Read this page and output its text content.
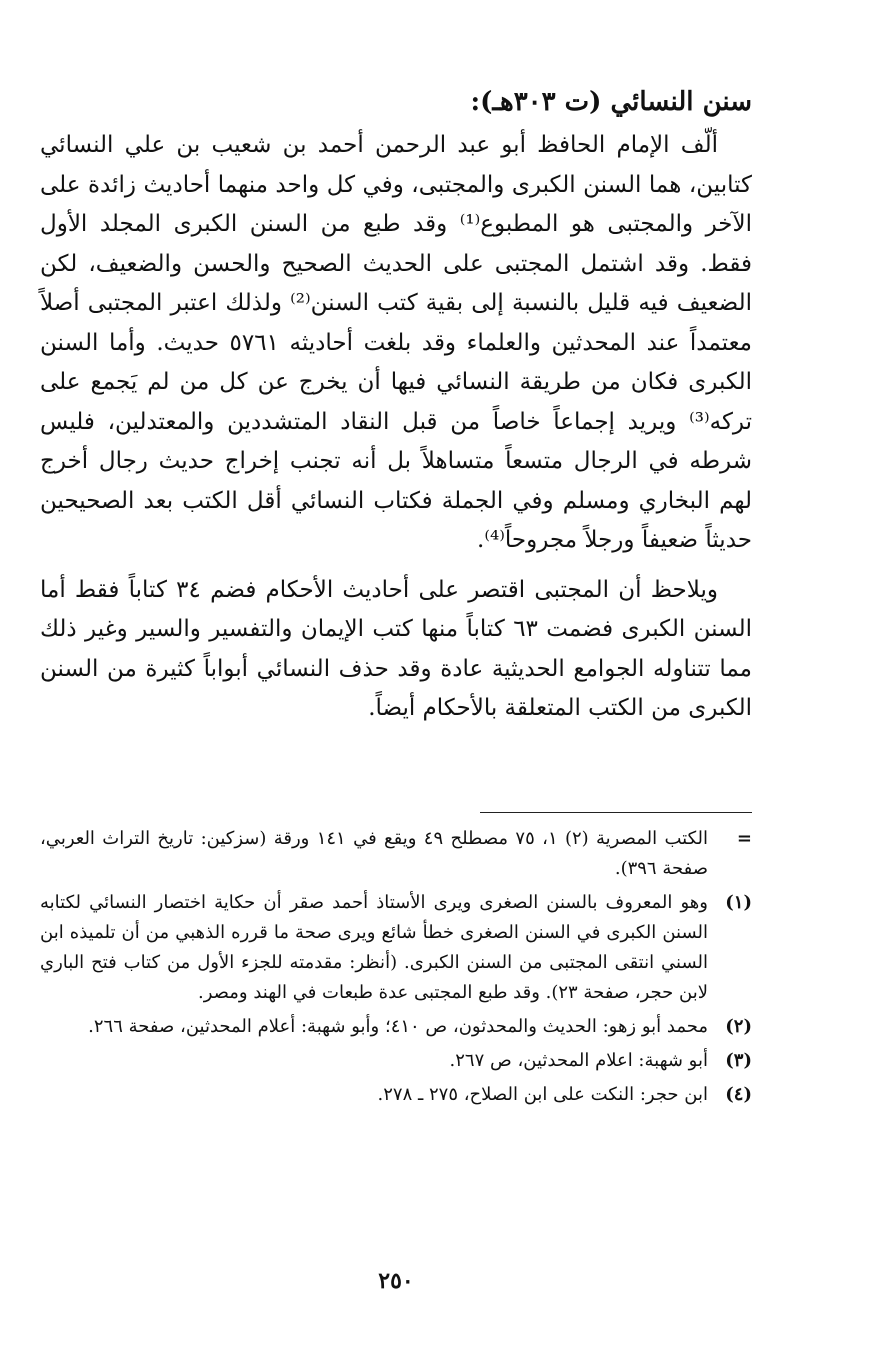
سنن النسائي (ت ٣٠٣هـ):

ألّف الإمام الحافظ أبو عبد الرحمن أحمد بن شعيب بن علي النسائي كتابين، هما السنن الكبرى والمجتبى، وفي كل واحد منهما أحاديث زائدة على الآخر والمجتبى هو المطبوع⁽¹⁾ وقد طبع من السنن الكبرى المجلد الأول فقط. وقد اشتمل المجتبى على الحديث الصحيح والحسن والضعيف، لكن الضعيف فيه قليل بالنسبة إلى بقية كتب السنن⁽²⁾ ولذلك اعتبر المجتبى أصلاً معتمداً عند المحدثين والعلماء وقد بلغت أحاديثه ٥٧٦١ حديث. وأما السنن الكبرى فكان من طريقة النسائي فيها أن يخرج عن كل من لم يَجمع على تركه⁽³⁾ ويريد إجماعاً خاصاً من قبل النقاد المتشددين والمعتدلين، فليس شرطه في الرجال متسعاً متساهلاً بل أنه تجنب إخراج حديث رجال أخرج لهم البخاري ومسلم وفي الجملة فكتاب النسائي أقل الكتب بعد الصحيحين حديثاً ضعيفاً ورجلاً مجروحاً⁽⁴⁾.

ويلاحظ أن المجتبى اقتصر على أحاديث الأحكام فضم ٣٤ كتاباً فقط أما السنن الكبرى فضمت ٦٣ كتاباً منها كتب الإيمان والتفسير والسير وغير ذلك مما تتناوله الجوامع الحديثية عادة وقد حذف النسائي أبواباً كثيرة من السنن الكبرى من الكتب المتعلقة بالأحكام أيضاً.

=
الكتب المصرية (٢) ١، ٧٥ مصطلح ٤٩ ويقع في ١٤١ ورقة (سزكين: تاريخ التراث العربي، صفحة ٣٩٦).
(١)
وهو المعروف بالسنن الصغرى ويرى الأستاذ أحمد صقر أن حكاية اختصار النسائي لكتابه السنن الكبرى في السنن الصغرى خطأ شائع ويرى صحة ما قرره الذهبي من أن تلميذه ابن السني انتقى المجتبى من السنن الكبرى. (أنظر: مقدمته للجزء الأول من كتاب فتح الباري لابن حجر، صفحة ٢٣). وقد طبع المجتبى عدة طبعات في الهند ومصر.
(٢)
محمد أبو زهو: الحديث والمحدثون، ص ٤١٠؛ وأبو شهبة: أعلام المحدثين، صفحة ٢٦٦.
(٣)
أبو شهبة: اعلام المحدثين، ص ٢٦٧.
(٤)
ابن حجر: النكت على ابن الصلاح، ٢٧٥ ـ ٢٧٨.
٢٥٠
